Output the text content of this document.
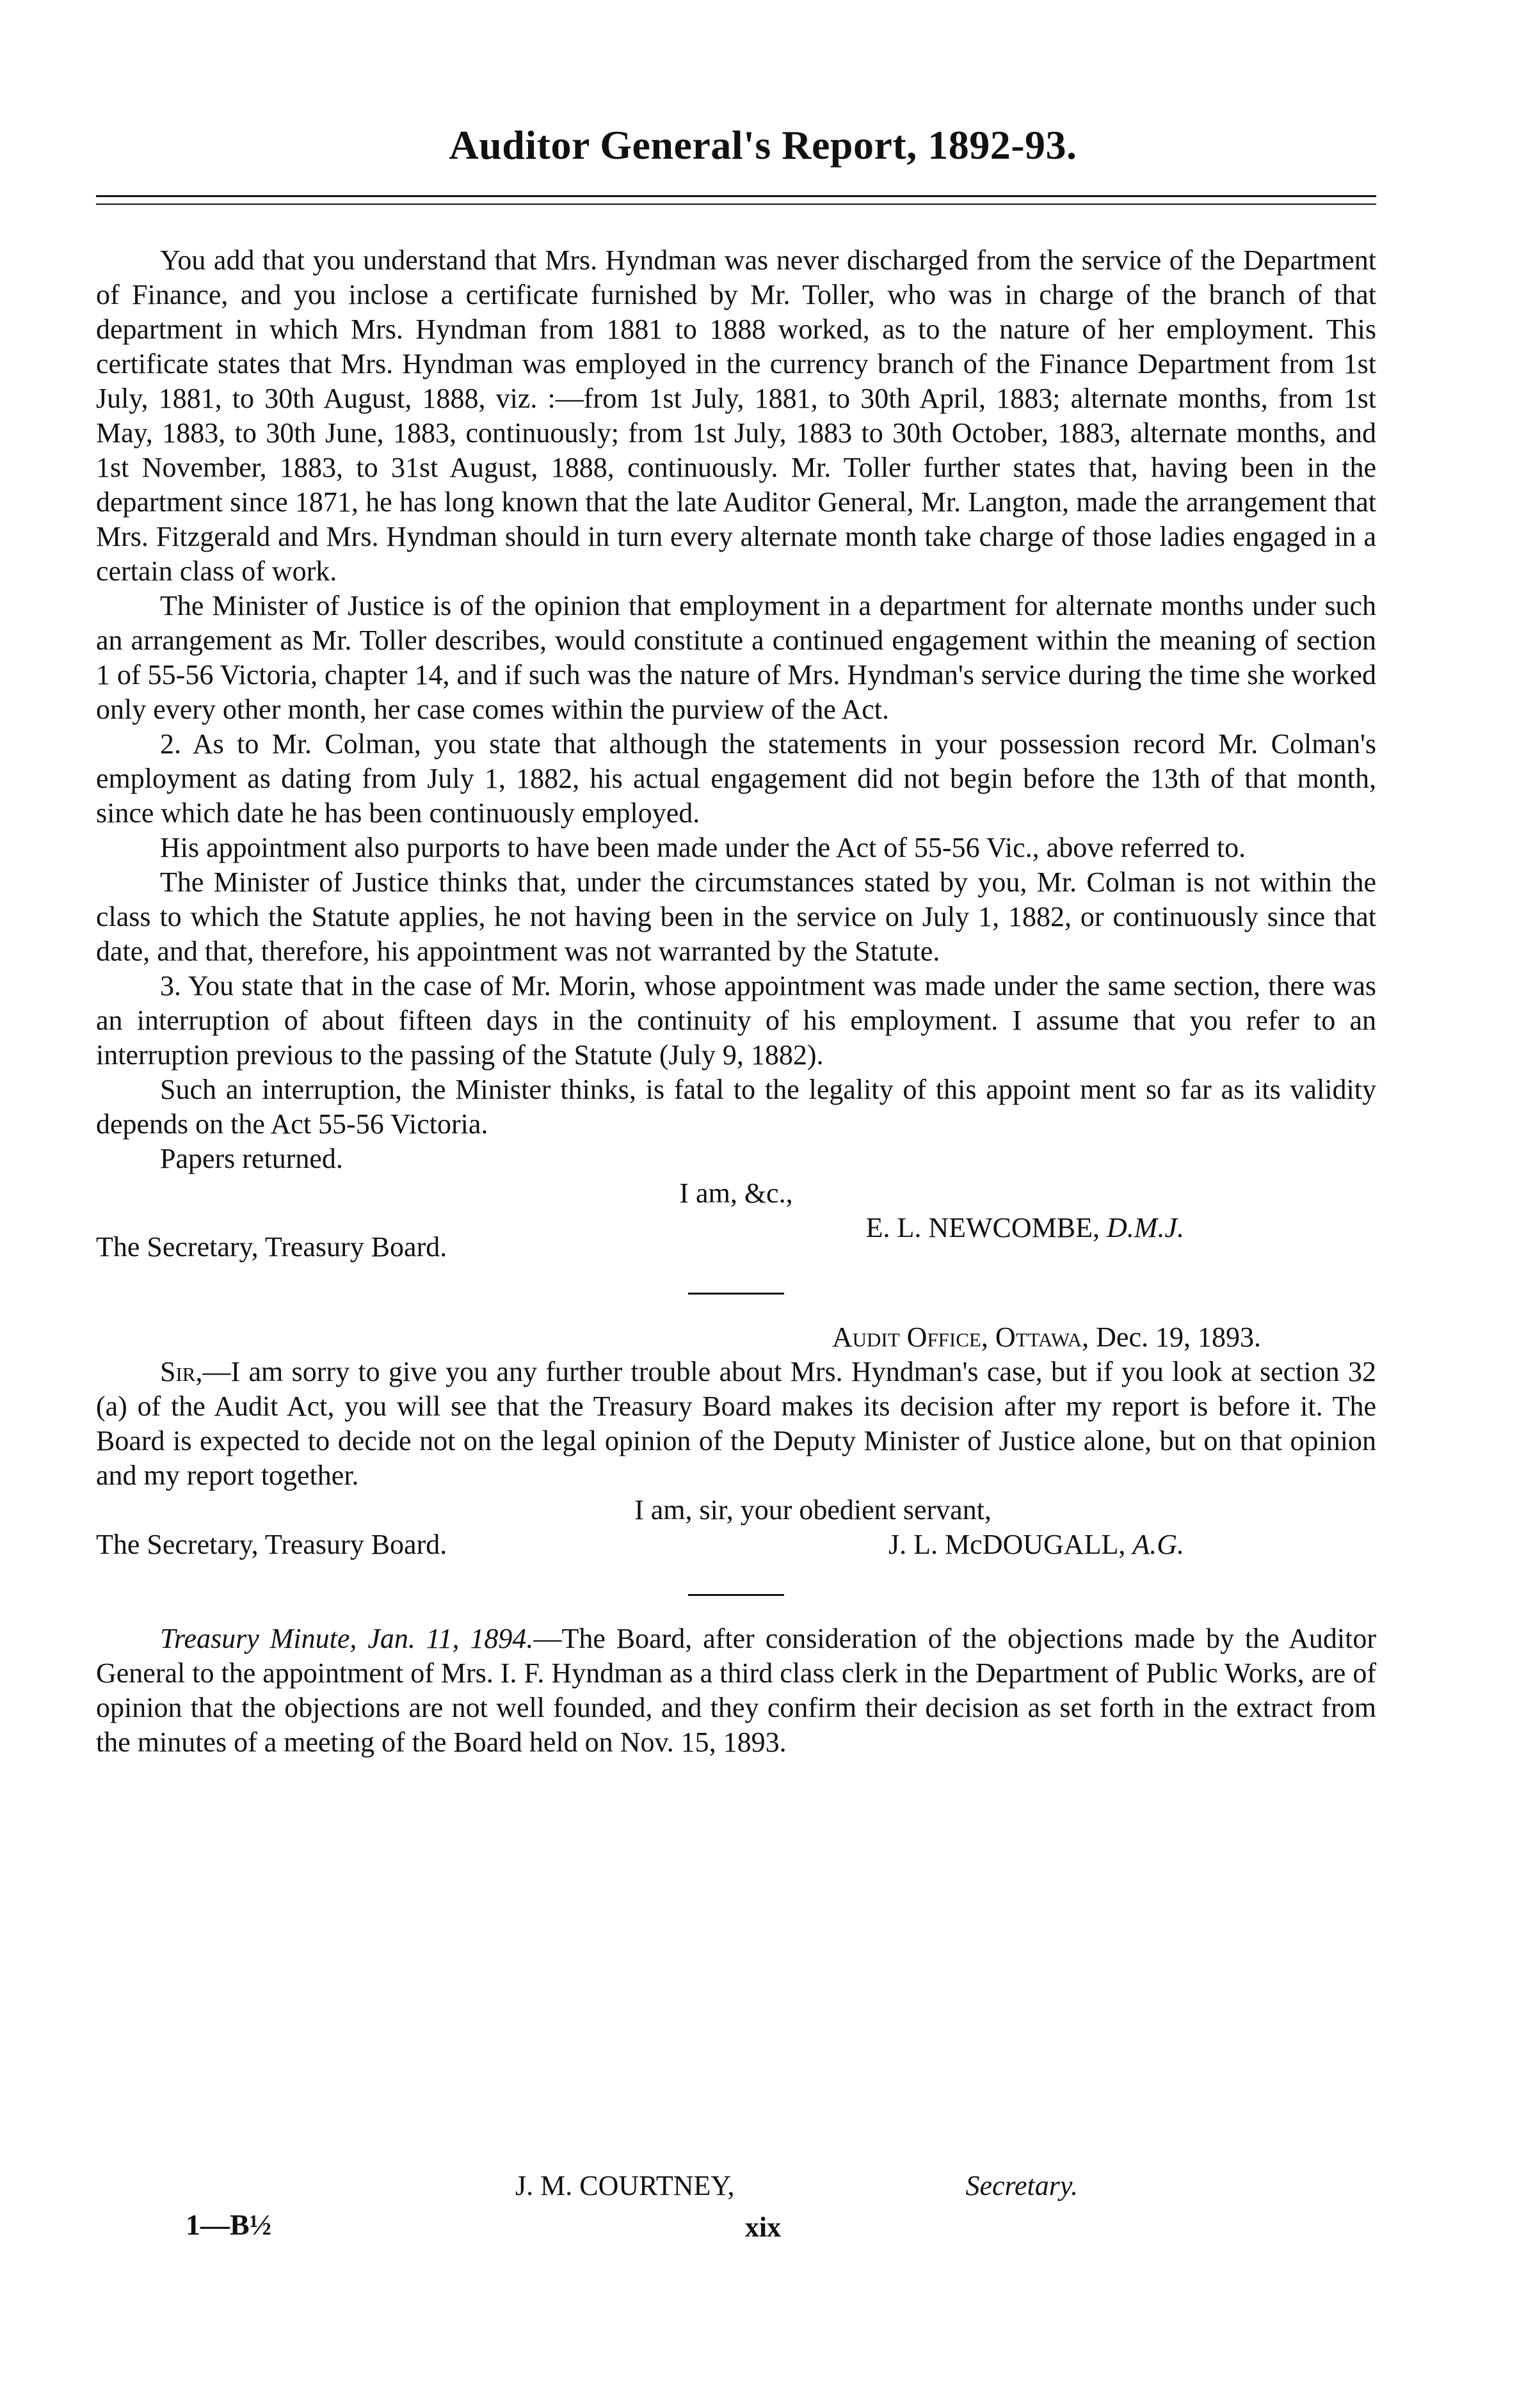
Auditor General's Report, 1892-93.

You add that you understand that Mrs. Hyndman was never discharged from the service of the Department of Finance, and you inclose a certificate furnished by Mr. Toller, who was in charge of the branch of that department in which Mrs. Hyndman from 1881 to 1888 worked, as to the nature of her employment. This certificate states that Mrs. Hyndman was employed in the currency branch of the Finance Department from 1st July, 1881, to 30th August, 1888, viz. :—from 1st July, 1881, to 30th April, 1883; alternate months, from 1st May, 1883, to 30th June, 1883, continuously; from 1st July, 1883 to 30th October, 1883, alternate months, and 1st November, 1883, to 31st August, 1888, continuously. Mr. Toller further states that, having been in the department since 1871, he has long known that the late Auditor General, Mr. Langton, made the arrangement that Mrs. Fitzgerald and Mrs. Hyndman should in turn every alternate month take charge of those ladies engaged in a certain class of work.

The Minister of Justice is of the opinion that employment in a department for alternate months under such an arrangement as Mr. Toller describes, would constitute a continued engagement within the meaning of section 1 of 55-56 Victoria, chapter 14, and if such was the nature of Mrs. Hyndman's service during the time she worked only every other month, her case comes within the purview of the Act.

2. As to Mr. Colman, you state that although the statements in your possession record Mr. Colman's employment as dating from July 1, 1882, his actual engagement did not begin before the 13th of that month, since which date he has been continuously employed.

His appointment also purports to have been made under the Act of 55-56 Vic., above referred to.

The Minister of Justice thinks that, under the circumstances stated by you, Mr. Colman is not within the class to which the Statute applies, he not having been in the service on July 1, 1882, or continuously since that date, and that, therefore, his appointment was not warranted by the Statute.

3. You state that in the case of Mr. Morin, whose appointment was made under the same section, there was an interruption of about fifteen days in the continuity of his employment. I assume that you refer to an interruption previous to the passing of the Statute (July 9, 1882).

Such an interruption, the Minister thinks, is fatal to the legality of this appoint ment so far as its validity depends on the Act 55-56 Victoria.

Papers returned.

I am, &c.,

The Secretary, Treasury Board.
E. L. NEWCOMBE, D.M.J.

Audit Office, Ottawa, Dec. 19, 1893.

Sir,—I am sorry to give you any further trouble about Mrs. Hyndman's case, but if you look at section 32 (a) of the Audit Act, you will see that the Treasury Board makes its decision after my report is before it. The Board is expected to decide not on the legal opinion of the Deputy Minister of Justice alone, but on that opinion and my report together.

I am, sir, your obedient servant,

The Secretary, Treasury Board.	J. L. McDOUGALL, A.G.

Treasury Minute, Jan. 11, 1894.—The Board, after consideration of the objections made by the Auditor General to the appointment of Mrs. I. F. Hyndman as a third class clerk in the Department of Public Works, are of opinion that the objections are not well founded, and they confirm their decision as set forth in the extract from the minutes of a meeting of the Board held on Nov. 15, 1893.

J. M. COURTNEY,	Secretary.
xix
1—B½
